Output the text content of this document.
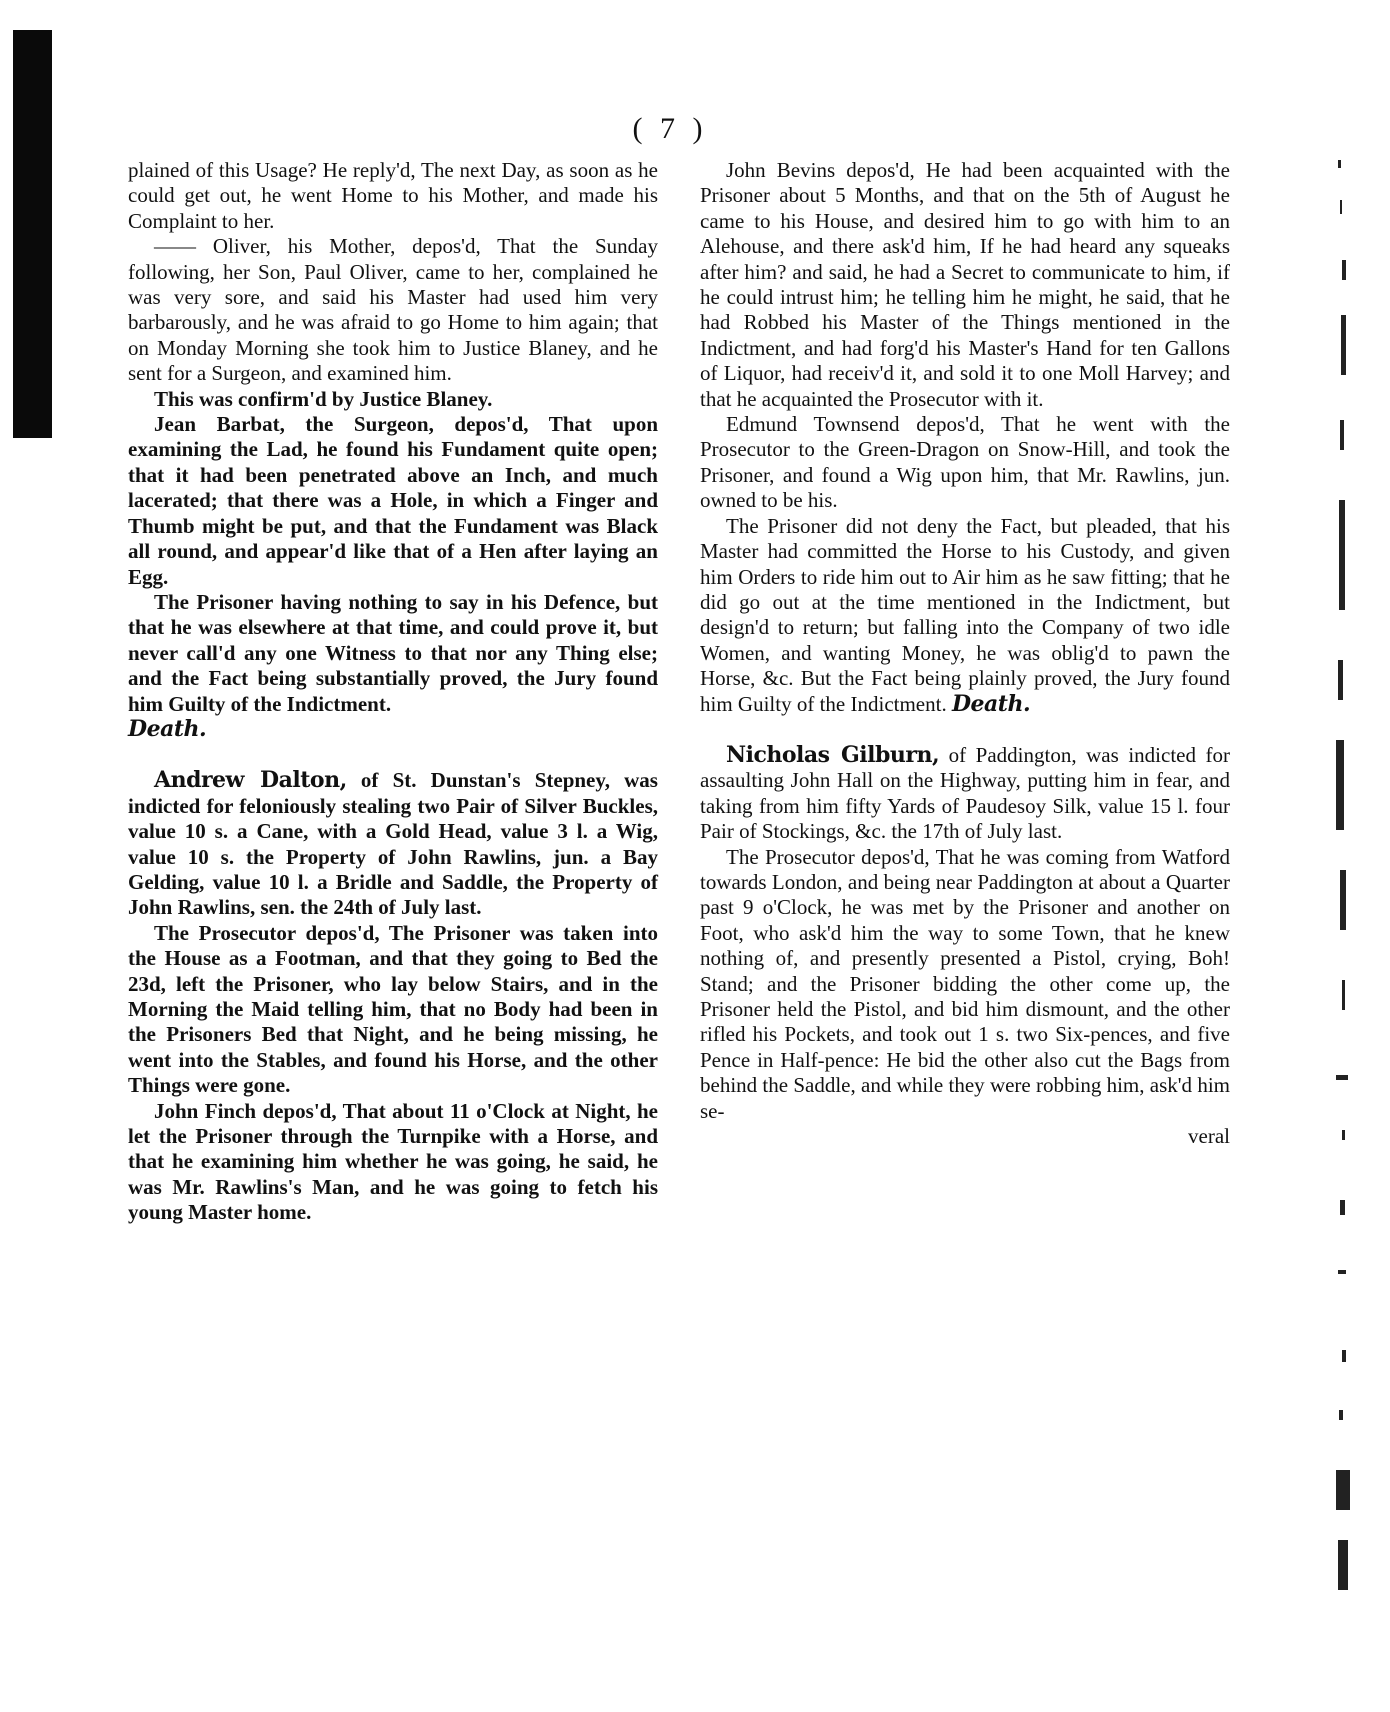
( 7 )

plained of this Usage? He reply'd, The next Day, as soon as he could get out, he went Home to his Mother, and made his Complaint to her.

—— Oliver, his Mother, depos'd, That the Sunday following, her Son, Paul Oliver, came to her, complained he was very sore, and said his Master had used him very barbarously, and he was afraid to go Home to him again; that on Monday Morning she took him to Justice Blaney, and he sent for a Surgeon, and examined him.

This was confirm'd by Justice Blaney.

Jean Barbat, the Surgeon, depos'd, That upon examining the Lad, he found his Fundament quite open; that it had been penetrated above an Inch, and much lacerated; that there was a Hole, in which a Finger and Thumb might be put, and that the Fundament was Black all round, and appear'd like that of a Hen after laying an Egg.

The Prisoner having nothing to say in his Defence, but that he was elsewhere at that time, and could prove it, but never call'd any one Witness to that nor any Thing else; and the Fact being substantially proved, the Jury found him Guilty of the Indictment.

Death.

Andrew Dalton, of St. Dunstan's Stepney, was indicted for feloniously stealing two Pair of Silver Buckles, value 10 s. a Cane, with a Gold Head, value 3 l. a Wig, value 10 s. the Property of John Rawlins, jun. a Bay Gelding, value 10 l. a Bridle and Saddle, the Property of John Rawlins, sen. the 24th of July last.

The Prosecutor depos'd, The Prisoner was taken into the House as a Footman, and that they going to Bed the 23d, left the Prisoner, who lay below Stairs, and in the Morning the Maid telling him, that no Body had been in the Prisoners Bed that Night, and he being missing, he went into the Stables, and found his Horse, and the other Things were gone.

John Finch depos'd, That about 11 o'Clock at Night, he let the Prisoner through the Turnpike with a Horse, and that he examining him whether he was going, he said, he was Mr. Rawlins's Man, and he was going to fetch his young Master home.

John Bevins depos'd, He had been acquainted with the Prisoner about 5 Months, and that on the 5th of August he came to his House, and desired him to go with him to an Alehouse, and there ask'd him, If he had heard any squeaks after him? and said, he had a Secret to communicate to him, if he could intrust him; he telling him he might, he said, that he had Robbed his Master of the Things mentioned in the Indictment, and had forg'd his Master's Hand for ten Gallons of Liquor, had receiv'd it, and sold it to one Moll Harvey; and that he acquainted the Prosecutor with it.

Edmund Townsend depos'd, That he went with the Prosecutor to the Green-Dragon on Snow-Hill, and took the Prisoner, and found a Wig upon him, that Mr. Rawlins, jun. owned to be his.

The Prisoner did not deny the Fact, but pleaded, that his Master had committed the Horse to his Custody, and given him Orders to ride him out to Air him as he saw fitting; that he did go out at the time mentioned in the Indictment, but design'd to return; but falling into the Company of two idle Women, and wanting Money, he was oblig'd to pawn the Horse, &c. But the Fact being plainly proved, the Jury found him Guilty of the Indictment. Death.

Nicholas Gilburn, of Paddington, was indicted for assaulting John Hall on the Highway, putting him in fear, and taking from him fifty Yards of Paudesoy Silk, value 15 l. four Pair of Stockings, &c. the 17th of July last.

The Prosecutor depos'd, That he was coming from Watford towards London, and being near Paddington at about a Quarter past 9 o'Clock, he was met by the Prisoner and another on Foot, who ask'd him the way to some Town, that he knew nothing of, and presently presented a Pistol, crying, Boh! Stand; and the Prisoner bidding the other come up, the Prisoner held the Pistol, and bid him dismount, and the other rifled his Pockets, and took out 1 s. two Six-pences, and five Pence in Half-pence: He bid the other also cut the Bags from behind the Saddle, and while they were robbing him, ask'd him se-

veral
